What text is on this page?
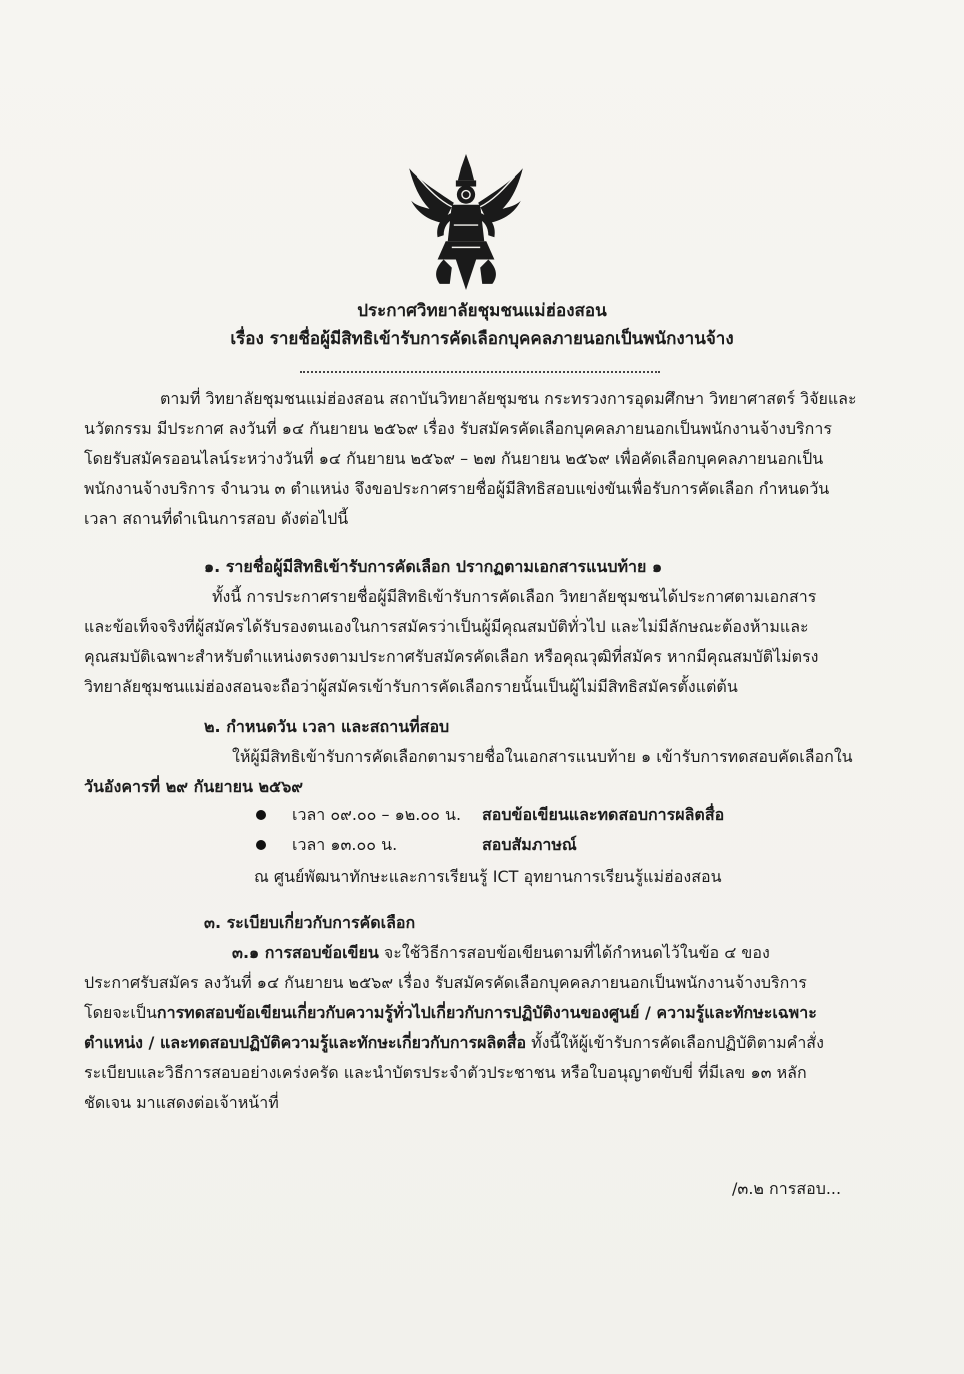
ประกาศวิทยาลัยชุมชนแม่ฮ่องสอน
เรื่อง รายชื่อผู้มีสิทธิเข้ารับการคัดเลือกบุคคลภายนอกเป็นพนักงานจ้าง
ตามที่ วิทยาลัยชุมชนแม่ฮ่องสอน สถาบันวิทยาลัยชุมชน กระทรวงการอุดมศึกษา วิทยาศาสตร์ วิจัยและ
นวัตกรรม มีประกาศ ลงวันที่ ๑๔ กันยายน ๒๕๖๙ เรื่อง รับสมัครคัดเลือกบุคคลภายนอกเป็นพนักงานจ้างบริการ
โดยรับสมัครออนไลน์ระหว่างวันที่ ๑๔ กันยายน ๒๕๖๙ – ๒๗ กันยายน ๒๕๖๙ เพื่อคัดเลือกบุคคลภายนอกเป็น
พนักงานจ้างบริการ จำนวน ๓ ตำแหน่ง จึงขอประกาศรายชื่อผู้มีสิทธิสอบแข่งขันเพื่อรับการคัดเลือก กำหนดวัน
เวลา สถานที่ดำเนินการสอบ ดังต่อไปนี้
๑. รายชื่อผู้มีสิทธิเข้ารับการคัดเลือก ปรากฏตามเอกสารแนบท้าย ๑
ทั้งนี้ การประกาศรายชื่อผู้มีสิทธิเข้ารับการคัดเลือก วิทยาลัยชุมชนได้ประกาศตามเอกสาร
และข้อเท็จจริงที่ผู้สมัครได้รับรองตนเองในการสมัครว่าเป็นผู้มีคุณสมบัติทั่วไป และไม่มีลักษณะต้องห้ามและ
คุณสมบัติเฉพาะสำหรับตำแหน่งตรงตามประกาศรับสมัครคัดเลือก หรือคุณวุฒิที่สมัคร หากมีคุณสมบัติไม่ตรง
วิทยาลัยชุมชนแม่ฮ่องสอนจะถือว่าผู้สมัครเข้ารับการคัดเลือกรายนั้นเป็นผู้ไม่มีสิทธิสมัครตั้งแต่ต้น
๒. กำหนดวัน เวลา และสถานที่สอบ
ให้ผู้มีสิทธิเข้ารับการคัดเลือกตามรายชื่อในเอกสารแนบท้าย ๑ เข้ารับการทดสอบคัดเลือกใน
วันอังคารที่ ๒๙ กันยายน ๒๕๖๙
เวลา ๐๙.๐๐ – ๑๒.๐๐ น. สอบข้อเขียนและทดสอบการผลิตสื่อ
เวลา ๑๓.๐๐ น.	สอบสัมภาษณ์
ณ ศูนย์พัฒนาทักษะและการเรียนรู้ ICT อุทยานการเรียนรู้แม่ฮ่องสอน
๓. ระเบียบเกี่ยวกับการคัดเลือก
๓.๑ การสอบข้อเขียน จะใช้วิธีการสอบข้อเขียนตามที่ได้กำหนดไว้ในข้อ ๔ ของ
ประกาศรับสมัคร ลงวันที่ ๑๔ กันยายน ๒๕๖๙ เรื่อง รับสมัครคัดเลือกบุคคลภายนอกเป็นพนักงานจ้างบริการ
โดยจะเป็นการทดสอบข้อเขียนเกี่ยวกับความรู้ทั่วไปเกี่ยวกับการปฏิบัติงานของศูนย์ / ความรู้และทักษะเฉพาะ
ตำแหน่ง / และทดสอบปฏิบัติความรู้และทักษะเกี่ยวกับการผลิตสื่อ ทั้งนี้ให้ผู้เข้ารับการคัดเลือกปฏิบัติตามคำสั่ง
ระเบียบและวิธีการสอบอย่างเคร่งครัด และนำบัตรประจำตัวประชาชน หรือใบอนุญาตขับขี่ ที่มีเลข ๑๓ หลัก
ชัดเจน มาแสดงต่อเจ้าหน้าที่
/๓.๒ การสอบ...
